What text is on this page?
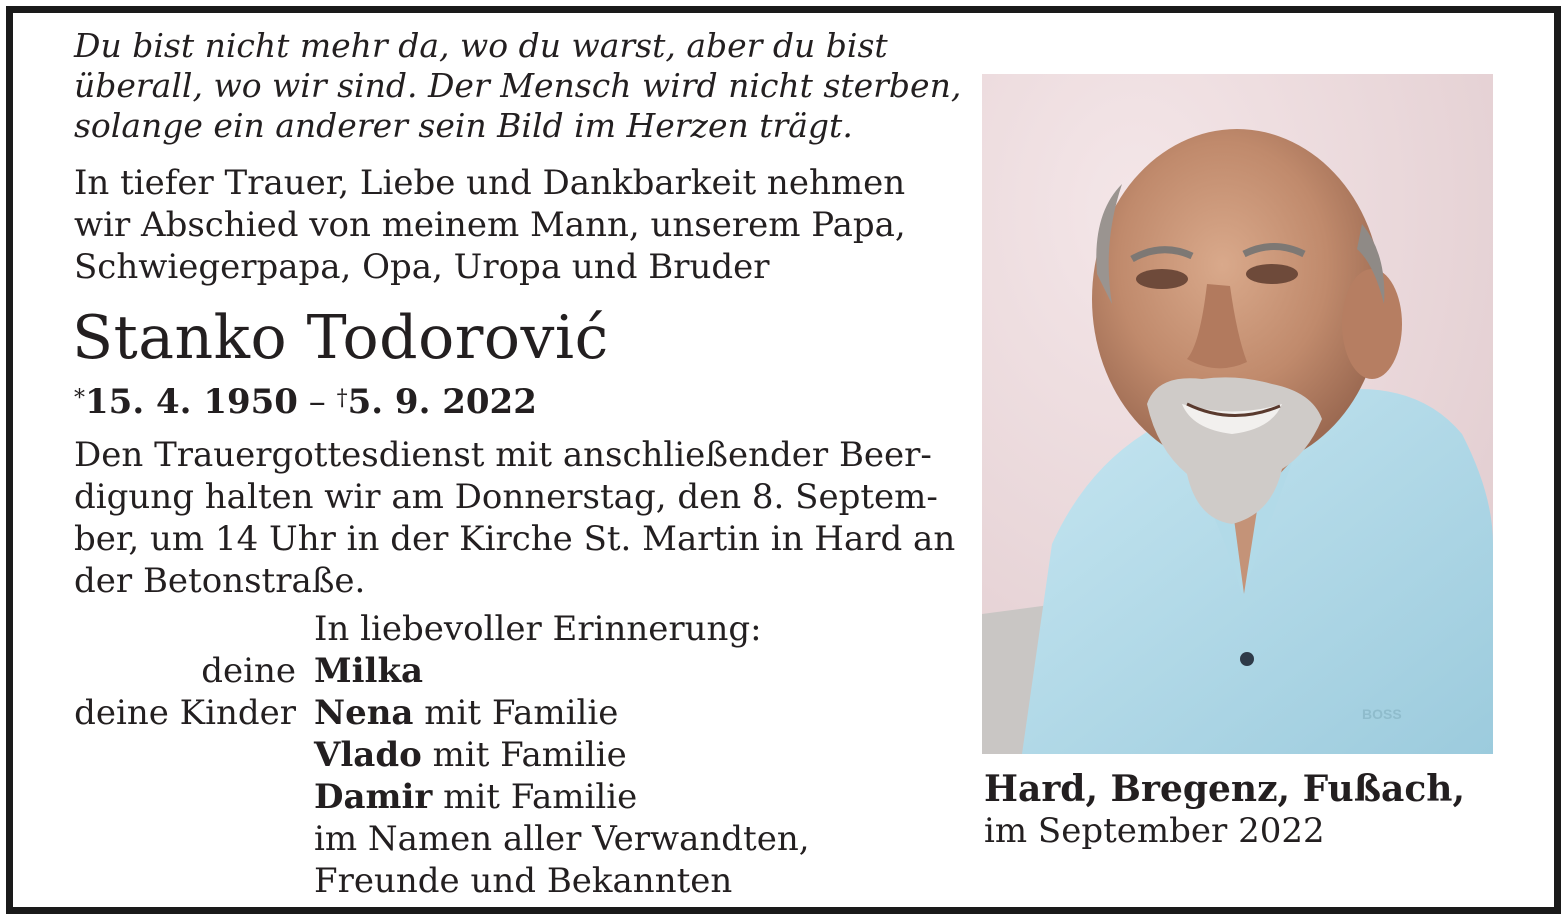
Du bist nicht mehr da, wo du warst, aber du bist
überall, wo wir sind. Der Mensch wird nicht sterben,
solange ein anderer sein Bild im Herzen trägt.
In tiefer Trauer, Liebe und Dankbarkeit nehmen
wir Abschied von meinem Mann, unserem Papa,
Schwiegerpapa, Opa, Uropa und Bruder
Stanko Todorović
*15. 4. 1950 – †5. 9. 2022
Den Trauergottesdienst mit anschließender Beer-
digung halten wir am Donnerstag, den 8. Septem-
ber, um 14 Uhr in der Kirche St. Martin in Hard an
der Betonstraße.
In liebevoller Erinnerung:
deine Milka
deine Kinder Nena mit Familie
Vlado mit Familie
Damir mit Familie
im Namen aller Verwandten,
Freunde und Bekannten
BOSS
Hard, Bregenz, Fußach,
im September 2022
